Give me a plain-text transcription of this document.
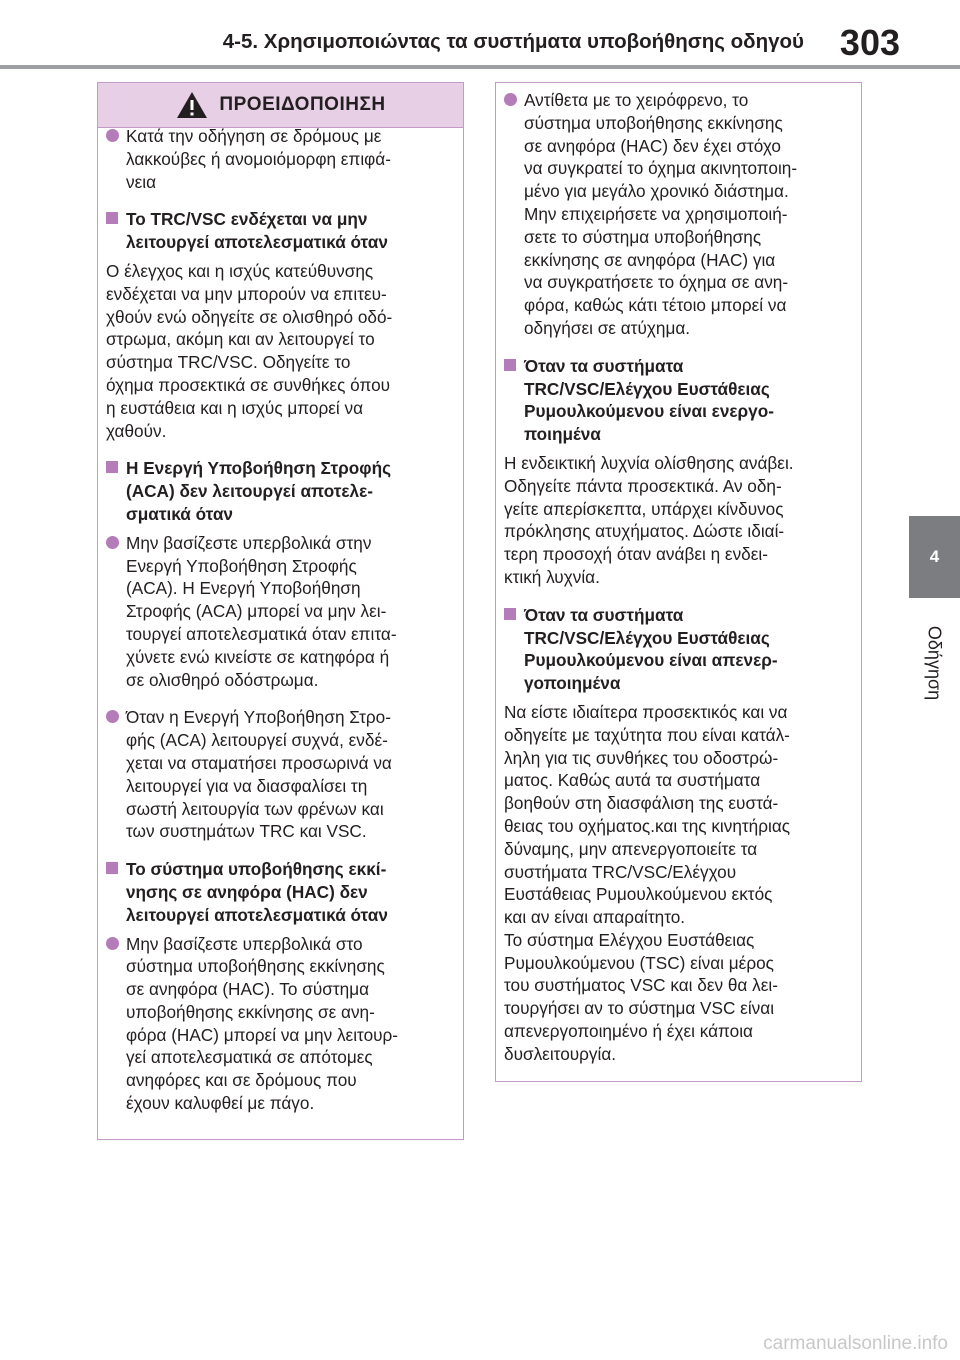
4-5. Χρησιμοποιώντας τα συστήματα υποβοήθησης οδηγού 303
4
Οδήγηση
ΠΡΟΕΙΔΟΠΟΙΗΣΗ
Κατά την οδήγηση σε δρόμους με
λακκούβες ή ανομοιόμορφη επιφά-
νεια
Το TRC/VSC ενδέχεται να μην
λειτουργεί αποτελεσματικά όταν
Ο έλεγχος και η ισχύς κατεύθυνσης
ενδέχεται να μην μπορούν να επιτευ-
χθούν ενώ οδηγείτε σε ολισθηρό οδό-
στρωμα, ακόμη και αν λειτουργεί το
σύστημα TRC/VSC. Οδηγείτε το
όχημα προσεκτικά σε συνθήκες όπου
η ευστάθεια και η ισχύς μπορεί να
χαθούν.
Η Ενεργή Υποβοήθηση Στροφής
(ACA) δεν λειτουργεί αποτελε-
σματικά όταν
Μην βασίζεστε υπερβολικά στην
Ενεργή Υποβοήθηση Στροφής
(ACA). Η Ενεργή Υποβοήθηση
Στροφής (ACA) μπορεί να μην λει-
τουργεί αποτελεσματικά όταν επιτα-
χύνετε ενώ κινείστε σε κατηφόρα ή
σε ολισθηρό οδόστρωμα.
Όταν η Ενεργή Υποβοήθηση Στρο-
φής (ACA) λειτουργεί συχνά, ενδέ-
χεται να σταματήσει προσωρινά να
λειτουργεί για να διασφαλίσει τη
σωστή λειτουργία των φρένων και
των συστημάτων TRC και VSC.
Το σύστημα υποβοήθησης εκκί-
νησης σε ανηφόρα (HAC) δεν
λειτουργεί αποτελεσματικά όταν
Μην βασίζεστε υπερβολικά στο
σύστημα υποβοήθησης εκκίνησης
σε ανηφόρα (HAC). Το σύστημα
υποβοήθησης εκκίνησης σε ανη-
φόρα (HAC) μπορεί να μην λειτουρ-
γεί αποτελεσματικά σε απότομες
ανηφόρες και σε δρόμους που
έχουν καλυφθεί με πάγο.
Αντίθετα με το χειρόφρενο, το
σύστημα υποβοήθησης εκκίνησης
σε ανηφόρα (HAC) δεν έχει στόχο
να συγκρατεί το όχημα ακινητοποιη-
μένο για μεγάλο χρονικό διάστημα.
Μην επιχειρήσετε να χρησιμοποιή-
σετε το σύστημα υποβοήθησης
εκκίνησης σε ανηφόρα (HAC) για
να συγκρατήσετε το όχημα σε ανη-
φόρα, καθώς κάτι τέτοιο μπορεί να
οδηγήσει σε ατύχημα.
Όταν τα συστήματα
TRC/VSC/Ελέγχου Ευστάθειας
Ρυμουλκούμενου είναι ενεργο-
ποιημένα
Η ενδεικτική λυχνία ολίσθησης ανάβει.
Οδηγείτε πάντα προσεκτικά. Αν οδη-
γείτε απερίσκεπτα, υπάρχει κίνδυνος
πρόκλησης ατυχήματος. Δώστε ιδιαί-
τερη προσοχή όταν ανάβει η ενδει-
κτική λυχνία.
Όταν τα συστήματα
TRC/VSC/Ελέγχου Ευστάθειας
Ρυμουλκούμενου είναι απενερ-
γοποιημένα
Να είστε ιδιαίτερα προσεκτικός και να
οδηγείτε με ταχύτητα που είναι κατάλ-
ληλη για τις συνθήκες του οδοστρώ-
ματος. Καθώς αυτά τα συστήματα
βοηθούν στη διασφάλιση της ευστά-
θειας του οχήματος.και της κινητήριας
δύναμης, μην απενεργοποιείτε τα
συστήματα TRC/VSC/Ελέγχου
Ευστάθειας Ρυμουλκούμενου εκτός
και αν είναι απαραίτητο.
Το σύστημα Ελέγχου Ευστάθειας
Ρυμουλκούμενου (TSC) είναι μέρος
του συστήματος VSC και δεν θα λει-
τουργήσει αν το σύστημα VSC είναι
απενεργοποιημένο ή έχει κάποια
δυσλειτουργία.
carmanualsonline.info
